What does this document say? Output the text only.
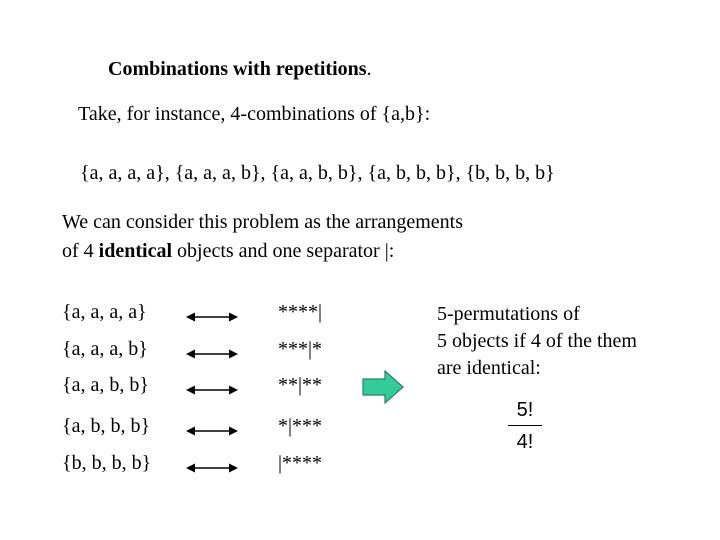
Combinations with repetitions.
Take, for instance, 4-combinations of {a,b}:
{a, a, a, a}, {a, a, a, b}, {a, a, b, b}, {a, b, b, b}, {b, b, b, b}
We can consider this problem as the arrangements
of 4 identical objects and one separator |:
{a, a, a, a}	****|
{a, a, a, b}	***|*
{a, a, b, b}	**|**
{a, b, b, b}	*|***
{b, b, b, b}	|****
5-permutations of
5 objects if 4 of the them
are identical:
5!
4!
